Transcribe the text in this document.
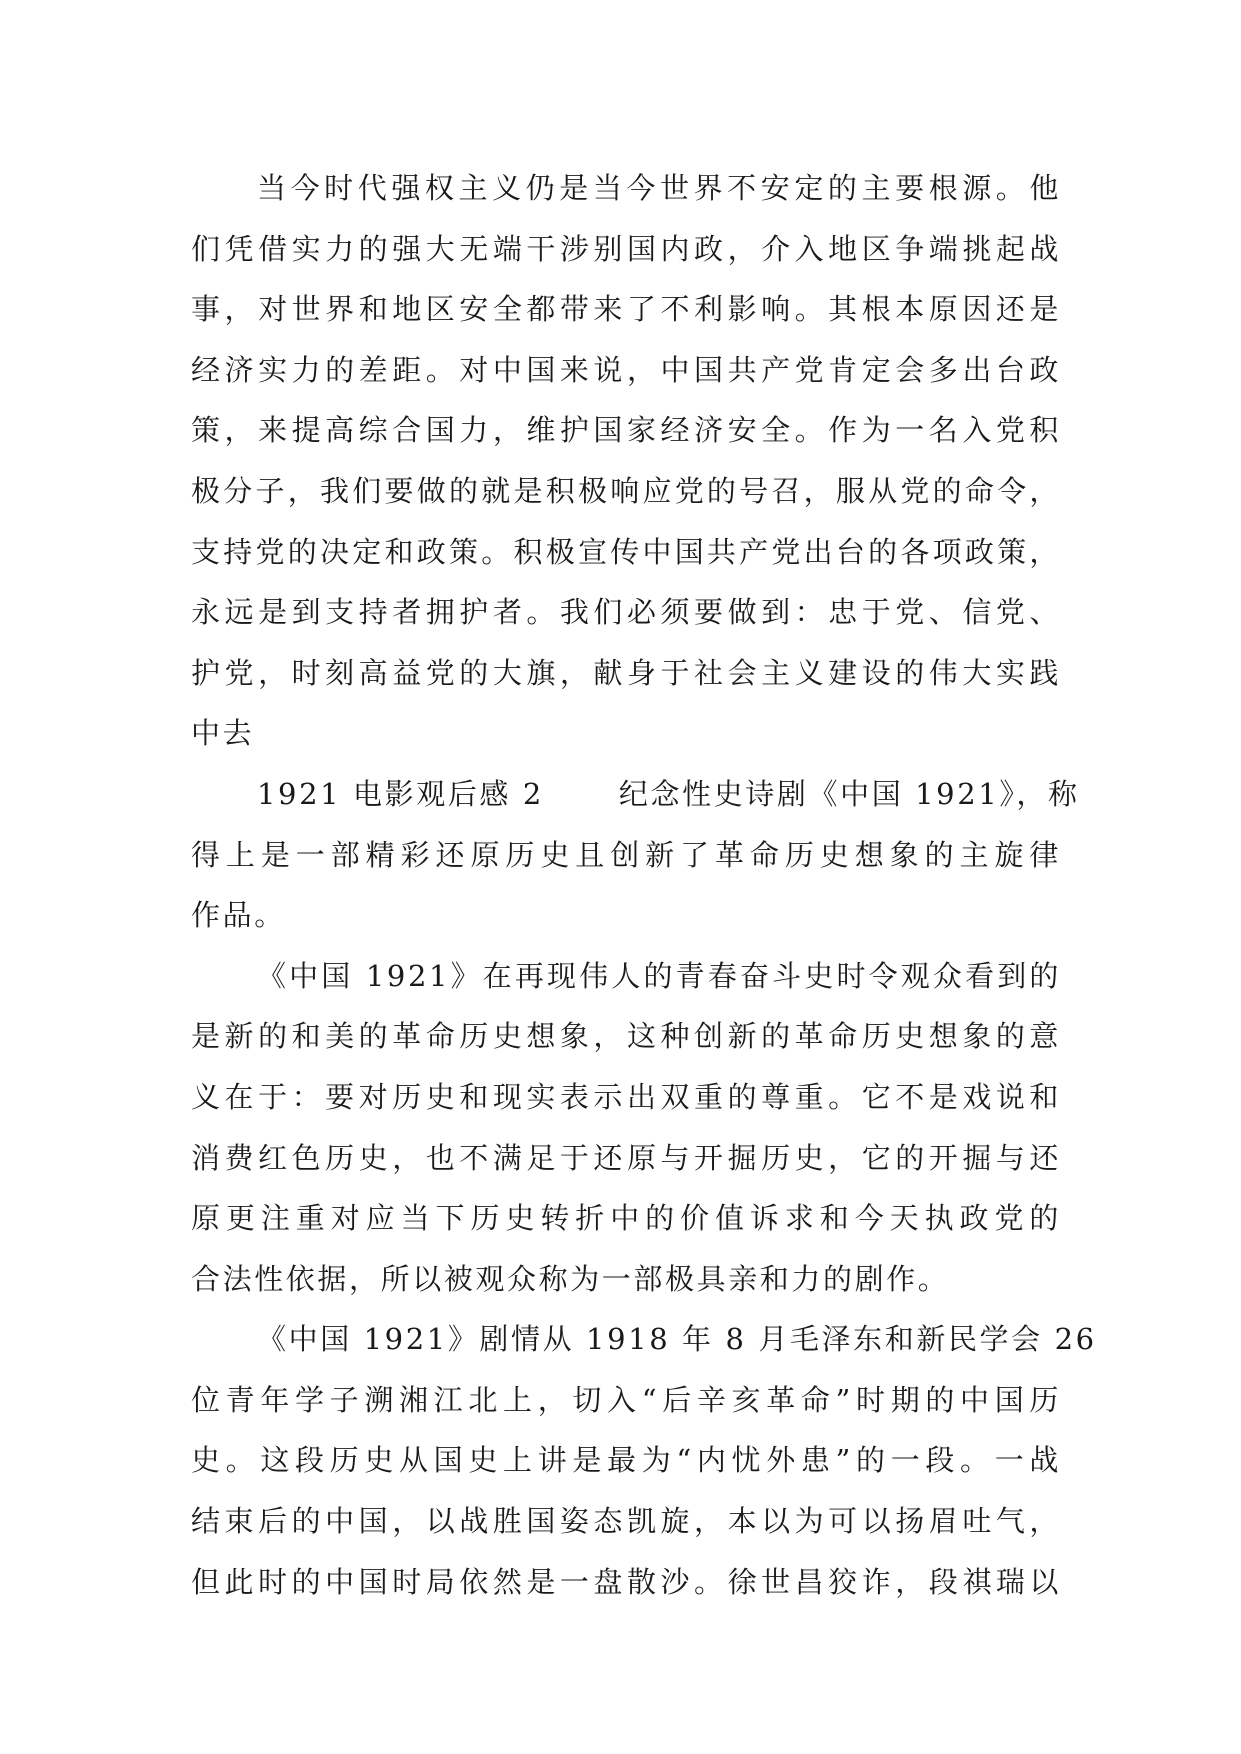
当今时代强权主义仍是当今世界不安定的主要根源。他
们凭借实力的强大无端干涉别国内政，介入地区争端挑起战
事，对世界和地区安全都带来了不利影响。其根本原因还是
经济实力的差距。对中国来说，中国共产党肯定会多出台政
策，来提高综合国力，维护国家经济安全。作为一名入党积
极分子，我们要做的就是积极响应党的号召，服从党的命令，
支持党的决定和政策。积极宣传中国共产党出台的各项政策，
永远是到支持者拥护者。我们必须要做到：忠于党、信党、
护党，时刻高益党的大旗，献身于社会主义建设的伟大实践
中去
1921 电影观后感 2　　 纪念性史诗剧《中国 1921》，称
得上是一部精彩还原历史且创新了革命历史想象的主旋律
作品。
《中国 1921》在再现伟人的青春奋斗史时令观众看到的
是新的和美的革命历史想象，这种创新的革命历史想象的意
义在于：要对历史和现实表示出双重的尊重。它不是戏说和
消费红色历史，也不满足于还原与开掘历史，它的开掘与还
原更注重对应当下历史转折中的价值诉求和今天执政党的
合法性依据，所以被观众称为一部极具亲和力的剧作。
《中国 1921》剧情从 1918 年 8 月毛泽东和新民学会 26
位青年学子溯湘江北上，切入“后辛亥革命”时期的中国历
史。这段历史从国史上讲是最为“内忧外患”的一段。一战
结束后的中国，以战胜国姿态凯旋，本以为可以扬眉吐气，
但此时的中国时局依然是一盘散沙。徐世昌狡诈，段祺瑞以
